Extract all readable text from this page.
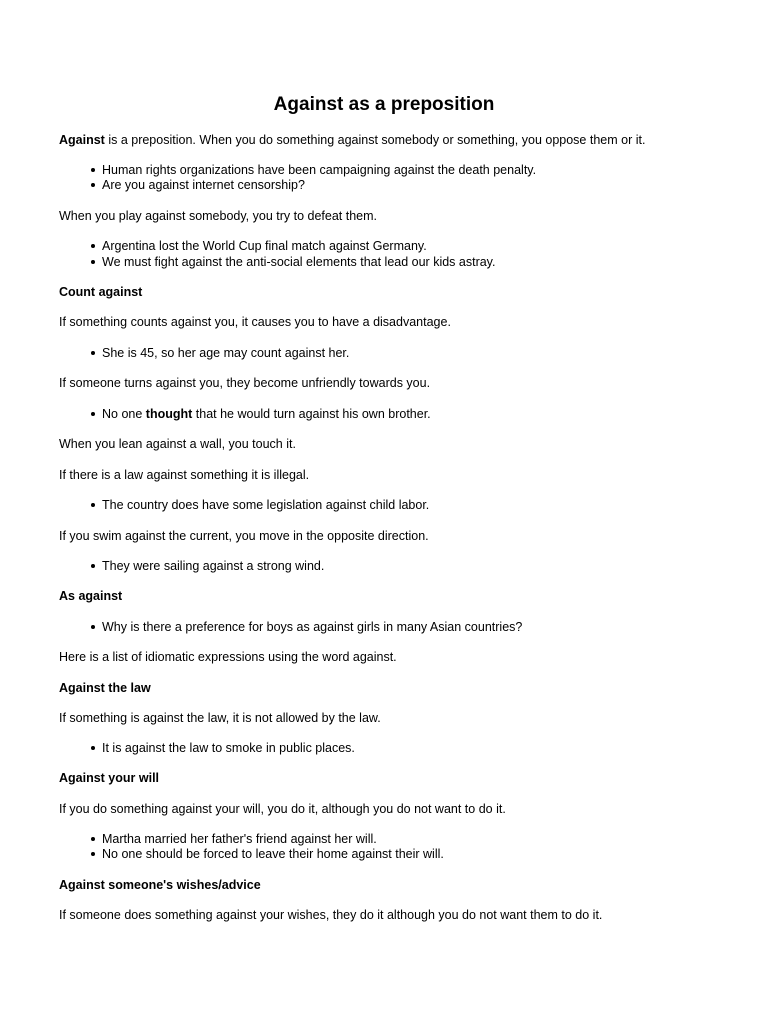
Against as a preposition
Against is a preposition. When you do something against somebody or something, you oppose them or it.
Human rights organizations have been campaigning against the death penalty.
Are you against internet censorship?
When you play against somebody, you try to defeat them.
Argentina lost the World Cup final match against Germany.
We must fight against the anti-social elements that lead our kids astray.
Count against
If something counts against you, it causes you to have a disadvantage.
She is 45, so her age may count against her.
If someone turns against you, they become unfriendly towards you.
No one thought that he would turn against his own brother.
When you lean against a wall, you touch it.
If there is a law against something it is illegal.
The country does have some legislation against child labor.
If you swim against the current, you move in the opposite direction.
They were sailing against a strong wind.
As against
Why is there a preference for boys as against girls in many Asian countries?
Here is a list of idiomatic expressions using the word against.
Against the law
If something is against the law, it is not allowed by the law.
It is against the law to smoke in public places.
Against your will
If you do something against your will, you do it, although you do not want to do it.
Martha married her father's friend against her will.
No one should be forced to leave their home against their will.
Against someone's wishes/advice
If someone does something against your wishes, they do it although you do not want them to do it.
